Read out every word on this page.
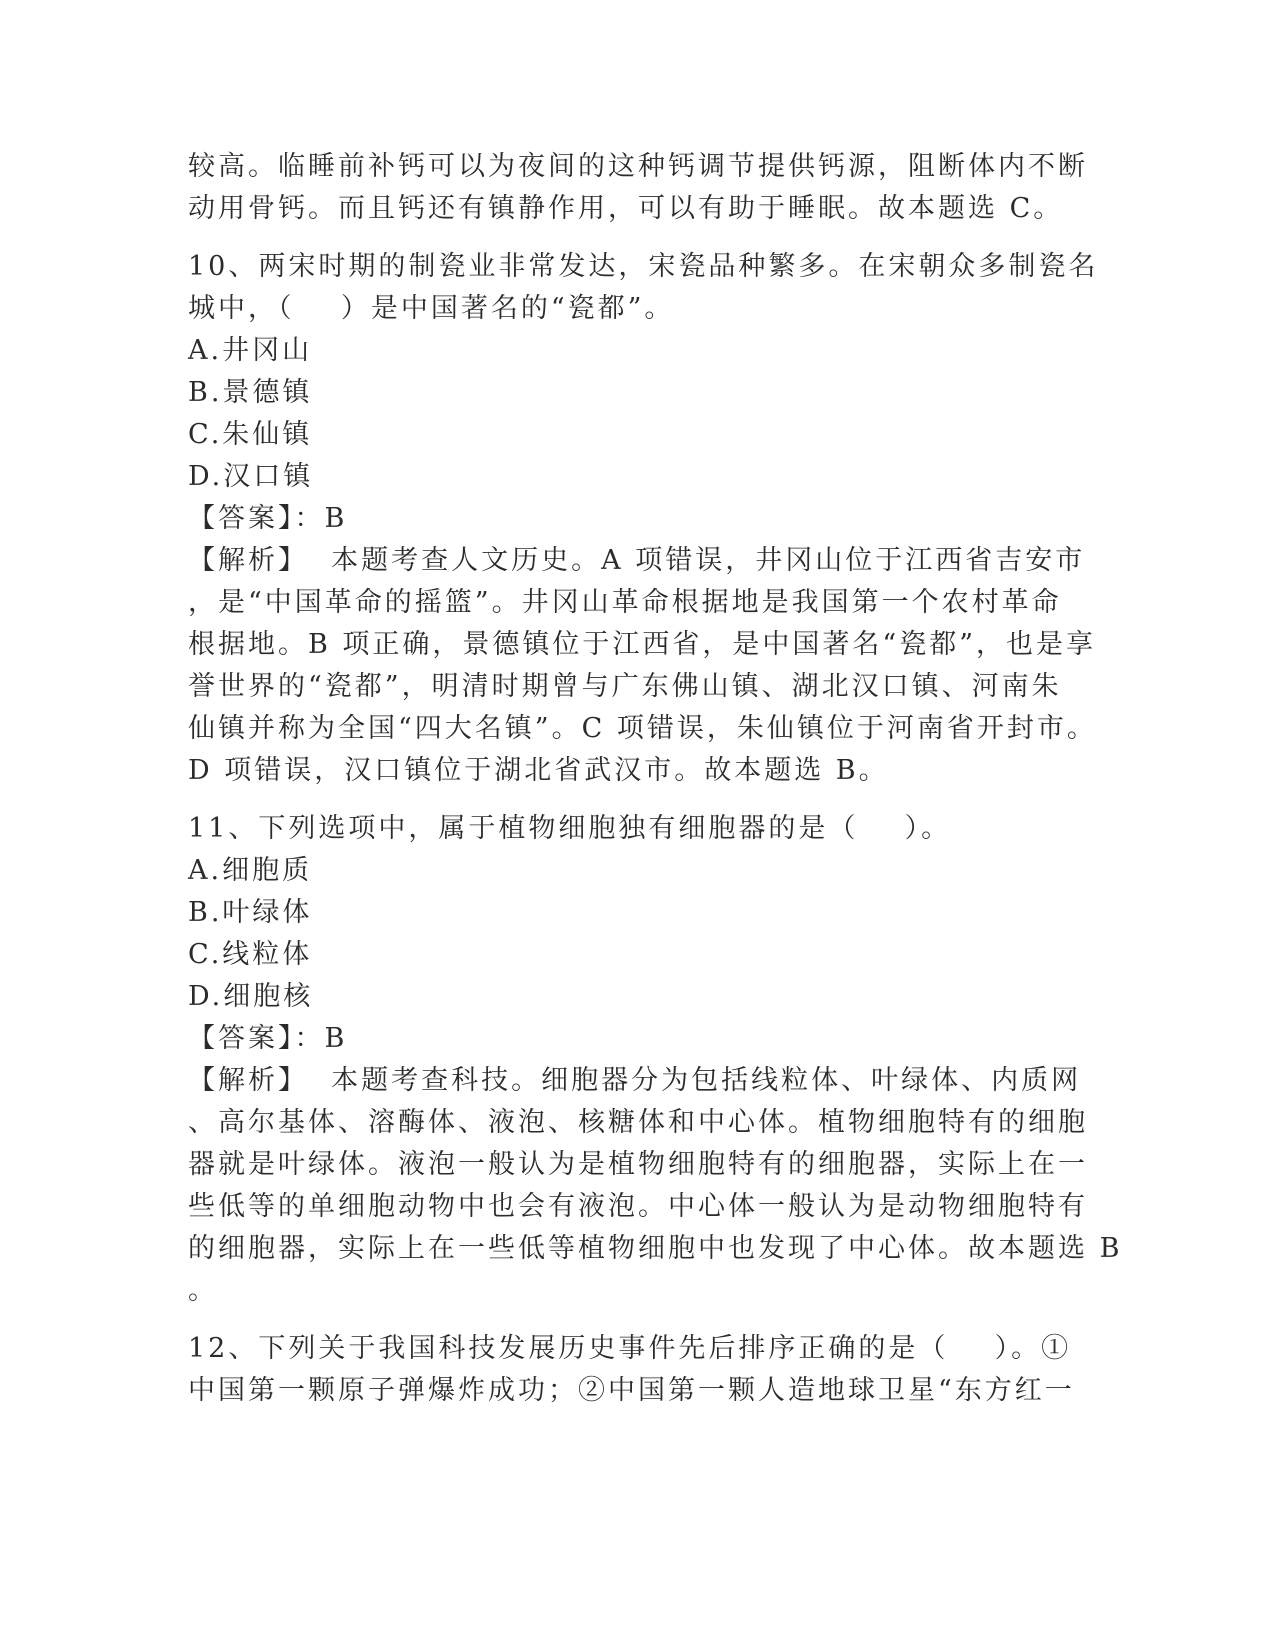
较高。临睡前补钙可以为夜间的这种钙调节提供钙源，阻断体内不断
动用骨钙。而且钙还有镇静作用，可以有助于睡眠。故本题选 C。
10、两宋时期的制瓷业非常发达，宋瓷品种繁多。在宋朝众多制瓷名
城中，（    ）是中国著名的“瓷都”。
A.井冈山
B.景德镇
C.朱仙镇
D.汉口镇
【答案】：B
【解析】  本题考查人文历史。A 项错误，井冈山位于江西省吉安市
，是“中国革命的摇篮”。井冈山革命根据地是我国第一个农村革命
根据地。B 项正确，景德镇位于江西省，是中国著名“瓷都”，也是享
誉世界的“瓷都”，明清时期曾与广东佛山镇、湖北汉口镇、河南朱
仙镇并称为全国“四大名镇”。C 项错误，朱仙镇位于河南省开封市。
D 项错误，汉口镇位于湖北省武汉市。故本题选 B。
11、下列选项中，属于植物细胞独有细胞器的是（    ）。
A.细胞质
B.叶绿体
C.线粒体
D.细胞核
【答案】：B
【解析】  本题考查科技。细胞器分为包括线粒体、叶绿体、内质网
、高尔基体、溶酶体、液泡、核糖体和中心体。植物细胞特有的细胞
器就是叶绿体。液泡一般认为是植物细胞特有的细胞器，实际上在一
些低等的单细胞动物中也会有液泡。中心体一般认为是动物细胞特有
的细胞器，实际上在一些低等植物细胞中也发现了中心体。故本题选 B
。
12、下列关于我国科技发展历史事件先后排序正确的是（    ）。①
中国第一颗原子弹爆炸成功；②中国第一颗人造地球卫星“东方红一
